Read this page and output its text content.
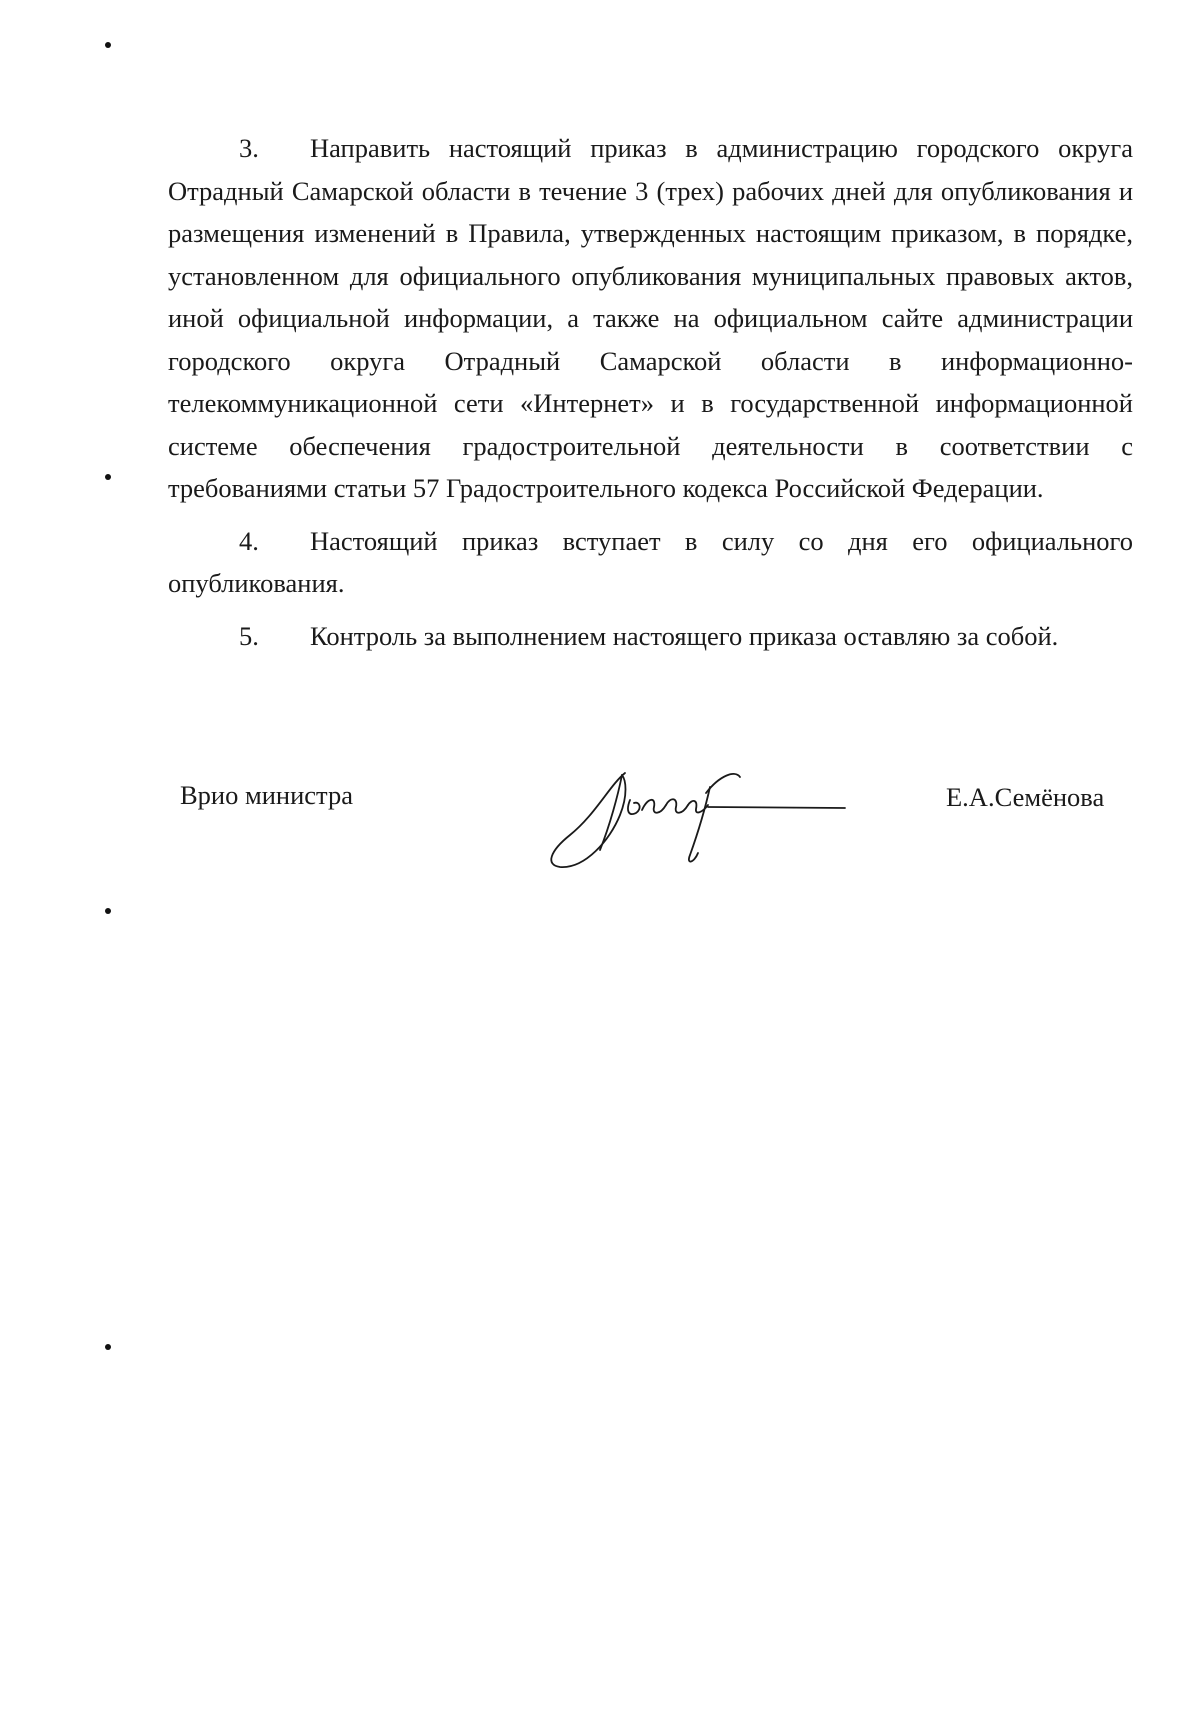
3. Направить настоящий приказ в администрацию городского округа Отрадный Самарской области в течение 3 (трех) рабочих дней для опубликования и размещения изменений в Правила, утвержденных настоящим приказом, в порядке, установленном для официального опубликования муниципальных правовых актов, иной официальной информации, а также на официальном сайте администрации городского округа Отрадный Самарской области в информационно-телекоммуникационной сети «Интернет» и в государственной информационной системе обеспечения градостроительной деятельности в соответствии с требованиями статьи 57 Градостроительного кодекса Российской Федерации.

4. Настоящий приказ вступает в силу со дня его официального опубликования.

5. Контроль за выполнением настоящего приказа оставляю за собой.

Врио министра	Е.А.Семёнова
